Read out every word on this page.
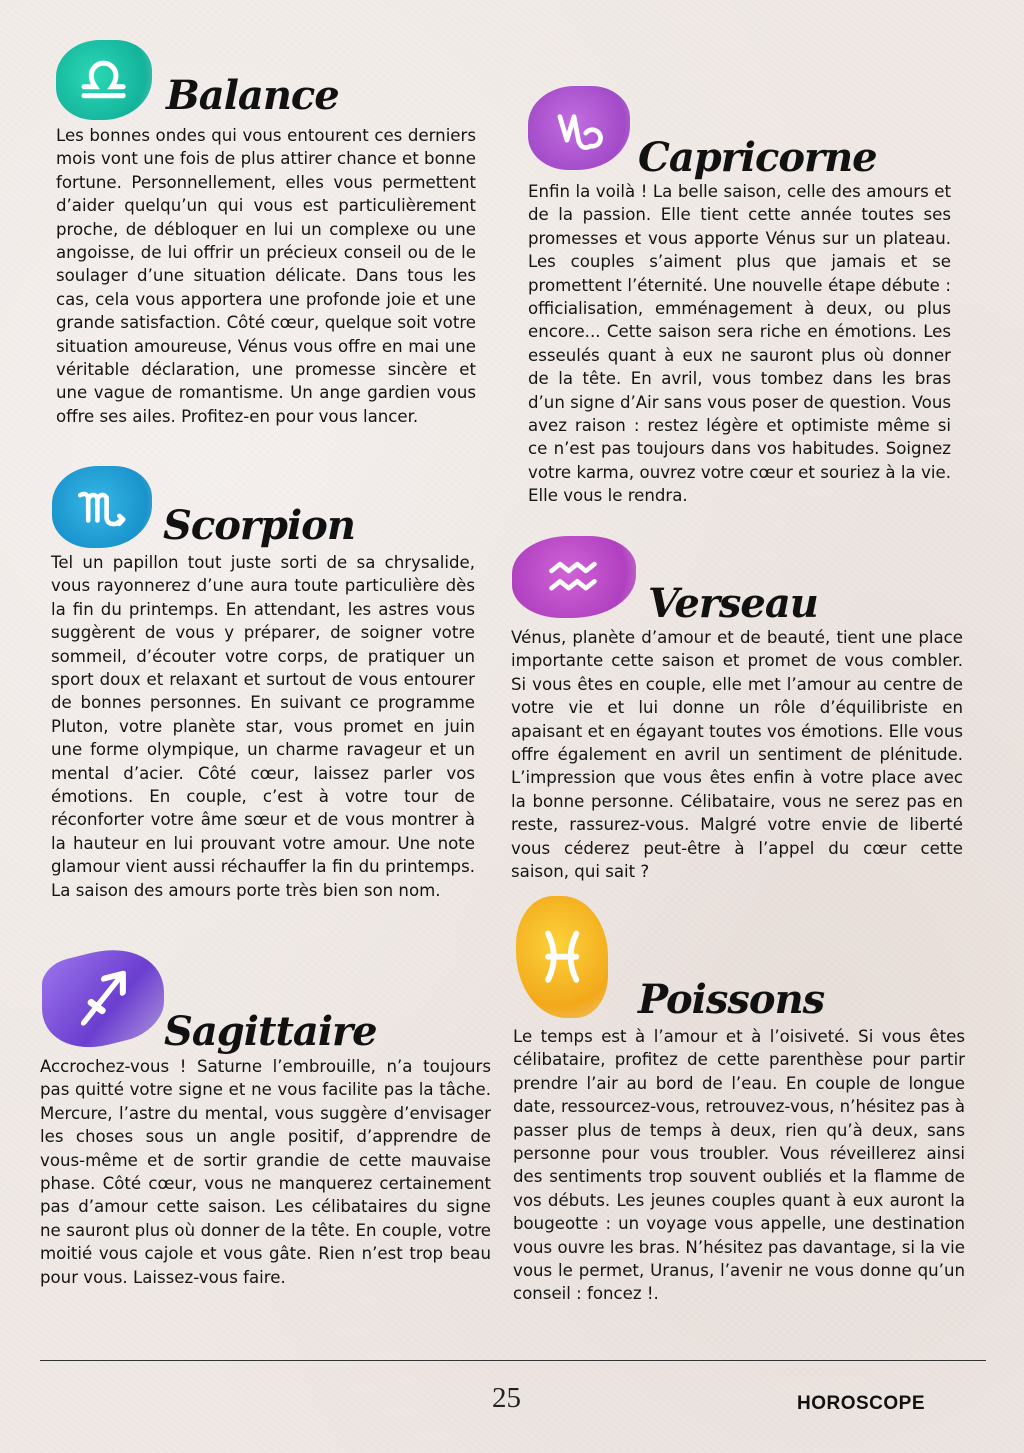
Balance

Les bonnes ondes qui vous entourent ces derniers mois vont une fois de plus attirer chance et bonne fortune. Personnellement, elles vous permettent d’aider quelqu’un qui vous est particulièrement proche, de débloquer en lui un complexe ou une angoisse, de lui offrir un précieux conseil ou de le soulager d’une situation délicate. Dans tous les cas, cela vous apportera une profonde joie et une grande satisfaction. Côté cœur, quelque soit votre situation amoureuse, Vénus vous offre en mai une véritable déclaration, une promesse sincère et une vague de romantisme. Un ange gardien vous offre ses ailes. Profitez-en pour vous lancer.

Capricorne

Enfin la voilà ! La belle saison, celle des amours et de la passion. Elle tient cette année toutes ses promesses et vous apporte Vénus sur un plateau. Les couples s’aiment plus que jamais et se promettent l’éternité. Une nouvelle étape débute : officialisation, emménagement à deux, ou plus encore... Cette saison sera riche en émotions. Les esseulés quant à eux ne sauront plus où donner de la tête. En avril, vous tombez dans les bras d’un signe d’Air sans vous poser de question. Vous avez raison : restez légère et optimiste même si ce n’est pas toujours dans vos habitudes. Soignez votre karma, ouvrez votre cœur et souriez à la vie. Elle vous le rendra.

Scorpion

Tel un papillon tout juste sorti de sa chrysalide, vous rayonnerez d’une aura toute particulière dès la fin du printemps. En attendant, les astres vous suggèrent de vous y préparer, de soigner votre sommeil, d’écouter votre corps, de pratiquer un sport doux et relaxant et surtout de vous entourer de bonnes personnes. En suivant ce programme Pluton, votre planète star, vous promet en juin une forme olympique, un charme ravageur et un mental d’acier. Côté cœur, laissez parler vos émotions. En couple, c’est à votre tour de réconforter votre âme sœur et de vous montrer à la hauteur en lui prouvant votre amour. Une note glamour vient aussi réchauffer la fin du printemps. La saison des amours porte très bien son nom.

Verseau

Vénus, planète d’amour et de beauté, tient une place importante cette saison et promet de vous combler. Si vous êtes en couple, elle met l’amour au centre de votre vie et lui donne un rôle d’équilibriste en apaisant et en égayant toutes vos émotions. Elle vous offre également en avril un sentiment de plénitude. L’impression que vous êtes enfin à votre place avec la bonne personne. Célibataire, vous ne serez pas en reste, rassurez-vous. Malgré votre envie de liberté vous céderez peut-être à l’appel du cœur cette saison, qui sait ?

Sagittaire

Accrochez-vous ! Saturne l’embrouille, n’a toujours pas quitté votre signe et ne vous facilite pas la tâche. Mercure, l’astre du mental, vous suggère d’envisager les choses sous un angle positif, d’apprendre de vous-même et de sortir grandie de cette mauvaise phase. Côté cœur, vous ne manquerez certainement pas d’amour cette saison. Les célibataires du signe ne sauront plus où donner de la tête. En couple, votre moitié vous cajole et vous gâte. Rien n’est trop beau pour vous. Laissez-vous faire.

Poissons

Le temps est à l’amour et à l’oisiveté. Si vous êtes célibataire, profitez de cette parenthèse pour partir prendre l’air au bord de l’eau. En couple de longue date, ressourcez-vous, retrouvez-vous, n’hésitez pas à passer plus de temps à deux, rien qu’à deux, sans personne pour vous troubler. Vous réveillerez ainsi des sentiments trop souvent oubliés et la flamme de vos débuts. Les jeunes couples quant à eux auront la bougeotte : un voyage vous appelle, une destination vous ouvre les bras. N’hésitez pas davantage, si la vie vous le permet, Uranus, l’avenir ne vous donne qu’un conseil : foncez !.

25	HOROSCOPE
